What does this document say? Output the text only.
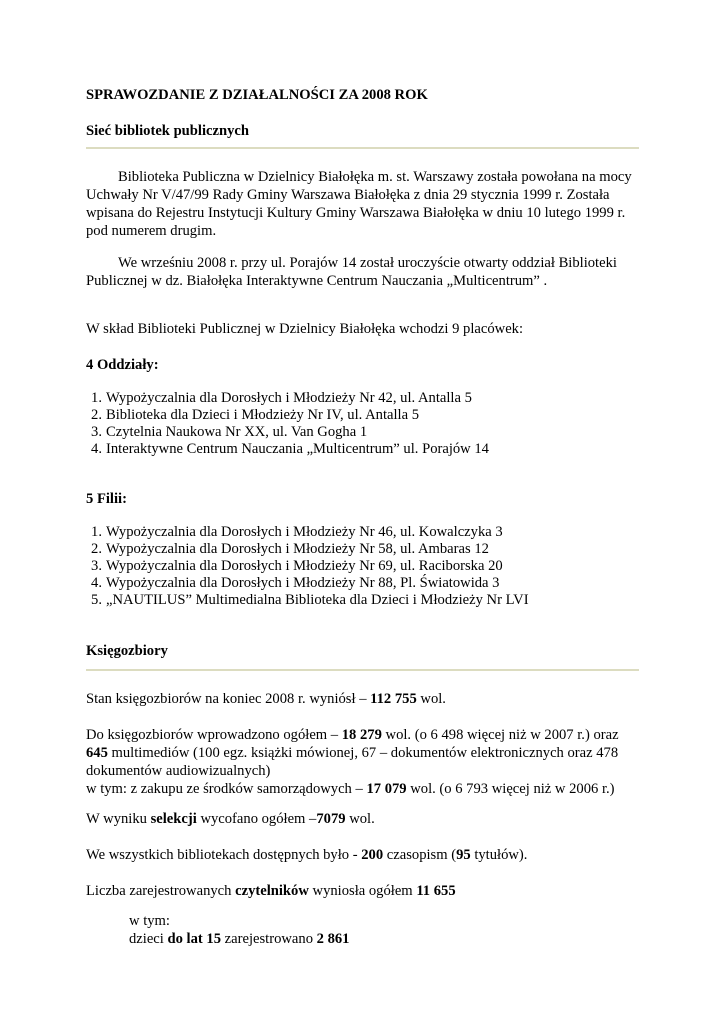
SPRAWOZDANIE Z DZIAŁALNOŚCI ZA 2008 ROK
Sieć bibliotek publicznych
Biblioteka Publiczna w Dzielnicy Białołęka m. st. Warszawy została powołana na mocy
Uchwały Nr V/47/99 Rady Gminy Warszawa Białołęka z dnia 29 stycznia 1999 r. Została
wpisana do Rejestru Instytucji Kultury Gminy Warszawa Białołęka w dniu 10 lutego 1999 r.
pod numerem drugim.
We wrześniu 2008 r. przy ul. Porajów 14 został uroczyście otwarty oddział Biblioteki
Publicznej w dz. Białołęka Interaktywne Centrum Nauczania „Multicentrum” .
W skład Biblioteki Publicznej w Dzielnicy Białołęka wchodzi 9 placówek:
4 Oddziały:
1. Wypożyczalnia dla Dorosłych i Młodzieży Nr 42, ul. Antalla 5
2. Biblioteka dla Dzieci i Młodzieży Nr IV, ul. Antalla 5
3. Czytelnia Naukowa Nr XX, ul. Van Gogha 1
4. Interaktywne Centrum Nauczania „Multicentrum” ul. Porajów 14
5 Filii:
1. Wypożyczalnia dla Dorosłych i Młodzieży Nr 46, ul. Kowalczyka 3
2. Wypożyczalnia dla Dorosłych i Młodzieży Nr 58, ul. Ambaras 12
3. Wypożyczalnia dla Dorosłych i Młodzieży Nr 69, ul. Raciborska 20
4. Wypożyczalnia dla Dorosłych i Młodzieży Nr 88, Pl. Światowida 3
5. „NAUTILUS” Multimedialna Biblioteka dla Dzieci i Młodzieży Nr LVI
Księgozbiory
Stan księgozbiorów na koniec 2008 r. wyniósł – 112 755 wol.
Do księgozbiorów wprowadzono ogółem – 18 279 wol. (o 6 498 więcej niż w 2007 r.) oraz
645 multimediów (100 egz. książki mówionej, 67 – dokumentów elektronicznych oraz 478
dokumentów audiowizualnych)
w tym: z zakupu ze środków samorządowych – 17 079 wol. (o 6 793 więcej niż w 2006 r.)
W wyniku selekcji wycofano ogółem –7079 wol.
We wszystkich bibliotekach dostępnych było - 200 czasopism (95 tytułów).
Liczba zarejestrowanych czytelników wyniosła ogółem 11 655
w tym:
dzieci do lat 15 zarejestrowano 2 861
